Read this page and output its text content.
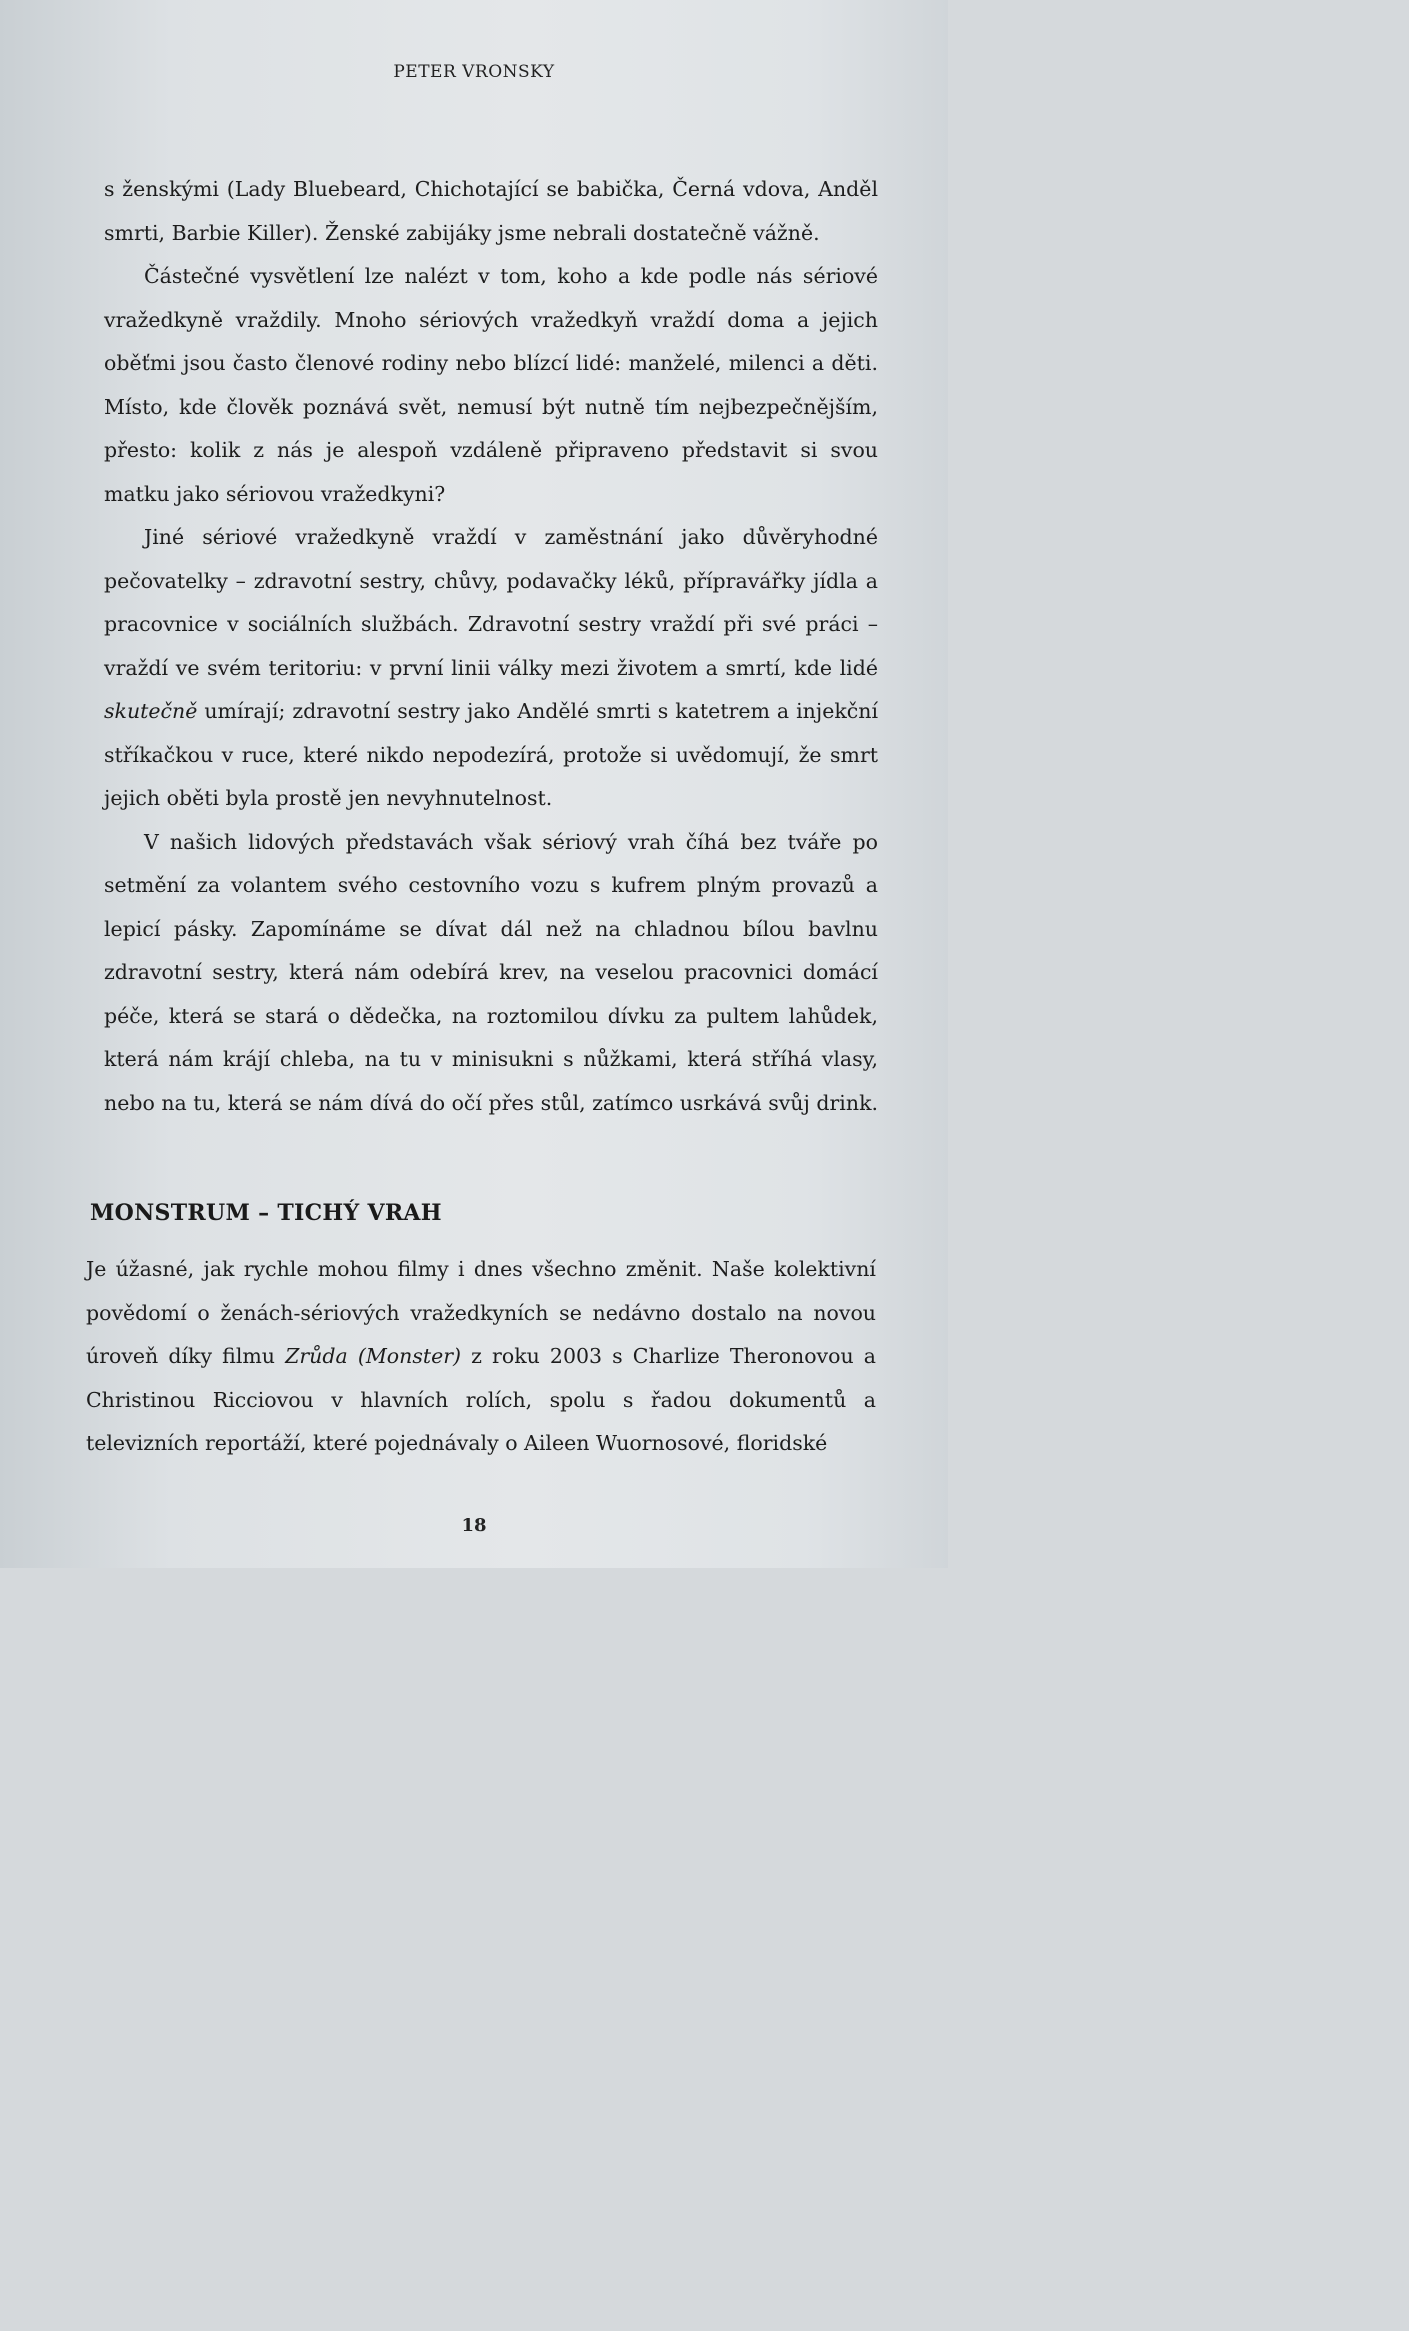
PETER VRONSKY

s ženskými (Lady Bluebeard, Chichotající se babička, Černá vdova, Anděl smrti, Barbie Killer). Ženské zabijáky jsme nebrali dostatečně vážně.

Částečné vysvětlení lze nalézt v tom, koho a kde podle nás sériové vražedkyně vraždily. Mnoho sériových vražedkyň vraždí doma a jejich oběťmi jsou často členové rodiny nebo blízcí lidé: manželé, milenci a děti. Místo, kde člověk poznává svět, nemusí být nutně tím nejbezpečnějším, přesto: kolik z nás je alespoň vzdáleně připraveno představit si svou matku jako sériovou vražedkyni?

Jiné sériové vražedkyně vraždí v zaměstnání jako důvěryhodné pečovatelky – zdravotní sestry, chůvy, podavačky léků, přípravářky jídla a pracovnice v sociálních službách. Zdravotní sestry vraždí při své práci – vraždí ve svém teritoriu: v první linii války mezi životem a smrtí, kde lidé skutečně umírají; zdravotní sestry jako Andělé smrti s katetrem a injekční stříkačkou v ruce, které nikdo nepodezírá, protože si uvědomují, že smrt jejich oběti byla prostě jen nevyhnutelnost.

V našich lidových představách však sériový vrah číhá bez tváře po setmění za volantem svého cestovního vozu s kufrem plným provazů a lepicí pásky. Zapomínáme se dívat dál než na chladnou bílou bavlnu zdravotní sestry, která nám odebírá krev, na veselou pracovnici domácí péče, která se stará o dědečka, na roztomilou dívku za pultem lahůdek, která nám krájí chleba, na tu v minisukni s nůžkami, která stříhá vlasy, nebo na tu, která se nám dívá do očí přes stůl, zatímco usrkává svůj drink.

MONSTRUM – TICHÝ VRAH

Je úžasné, jak rychle mohou filmy i dnes všechno změnit. Naše kolektivní povědomí o ženách-sériových vražedkyních se nedávno dostalo na novou úroveň díky filmu Zrůda (Monster) z roku 2003 s Charlize Theronovou a Christinou Ricciovou v hlavních rolích, spolu s řadou dokumentů a televizních reportáží, které pojednávaly o Aileen Wuornosové, floridské

18
